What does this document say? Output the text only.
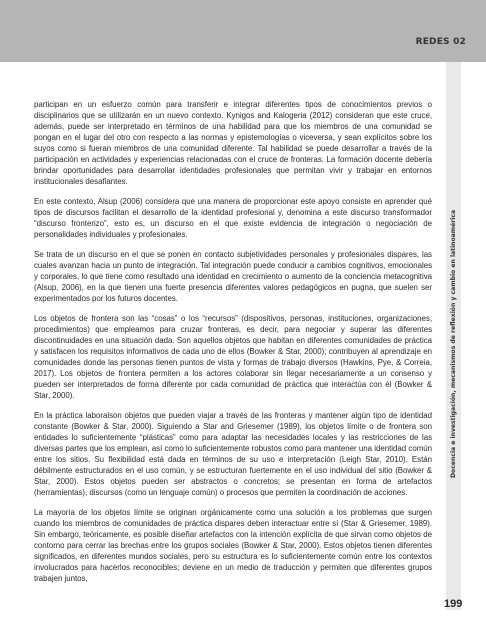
REDES 02
Docencia e investigación, mecanismos de reflexión y cambio en latinoamérica

participan en un esfuerzo común para transferir e integrar diferentes tipos de conocimientos previos o disciplinarios que se utilizarán en un nuevo contexto. Kynigos and Kalogeria (2012) consideran que este cruce, además, puede ser interpretado en términos de una habilidad para que los miembros de una comunidad se pongan en el lugar del otro con respecto a las normas y epistemologías o viceversa, y sean explícitos sobre los suyos como si fueran miembros de una comunidad diferente. Tal habilidad se puede desarrollar a través de la participación en actividades y experiencias relacionadas con el cruce de fronteras. La formación docente debería brindar oportunidades para desarrollar identidades profesionales que permitan vivir y trabajar en entornos institucionales desafiantes.

En este contexto, Alsup (2006) considera que una manera de proporcionar este apoyo consiste en aprender qué tipos de discursos facilitan el desarrollo de la identidad profesional y, denomina a este discurso transformador “discurso fronterizo”, esto es, un discurso en el que existe evidencia de integración o negociación de personalidades individuales y profesionales.

Se trata de un discurso en el que se ponen en contacto subjetividades personales y profesionales dispares, las cuales avanzan hacia un punto de integración. Tal integración puede conducir a cambios cognitivos, emocionales y corporales, lo que tiene como resultado una identidad en crecimiento o aumento de la conciencia metacognitiva (Alsup, 2006), en la que tienen una fuerte presencia diferentes valores pedagógicos en pugna, que suelen ser experimentados por los futuros docentes.

Los objetos de frontera son las “cosas” o los “recursos” (dispositivos, personas, instituciones, organizaciones, procedimientos) que empleamos para cruzar fronteras, es decir, para negociar y superar las diferentes discontinuidades en una situación dada. Son aquellos objetos que habitan en diferentes comunidades de práctica y satisfacen los requisitos informativos de cada uno de ellos (Bowker & Star, 2000); contribuyen al aprendizaje en comunidades donde las personas tienen puntos de vista y formas de trabajo diversos (Hawkins, Pye, & Correia, 2017). Los objetos de frontera permiten a los actores colaborar sin llegar necesariamente a un consenso y pueden ser interpretados de forma diferente por cada comunidad de práctica que interactúa con él (Bowker & Star, 2000).

En la práctica laboralson objetos que pueden viajar a través de las fronteras y mantener algún tipo de identidad constante (Bowker & Star, 2000). Siguiendo a Star and Griesemer (1989), los objetos límite o de frontera son entidades lo suficientemente “plásticas” como para adaptar las necesidades locales y las restricciones de las diversas partes que los emplean, así como lo suficientemente robustos como para mantener una identidad común entre los sitios. Su flexibilidad está dada en términos de su uso e interpretación (Leigh Star, 2010). Están débilmente estructurados en el uso común, y se estructuran fuertemente en el uso individual del sitio (Bowker & Star, 2000). Estos objetos pueden ser abstractos o concretos; se presentan en forma de artefactos (herramientas), discursos (como un lenguaje común) o procesos que permiten la coordinación de acciones.

La mayoría de los objetos límite se originan orgánicamente como una solución a los problemas que surgen cuando los miembros de comunidades de práctica dispares deben interactuar entre sí (Star & Griesemer, 1989). Sin embargo, teóricamente, es posible diseñar artefactos con la intención explícita de que sirvan como objetos de contorno para cerrar las brechas entre los grupos sociales (Bowker & Star, 2000). Estos objetos tienen diferentes significados, en diferentes mundos sociales, pero su estructura es lo suficientemente común entre los contextos involucrados para hacerlos reconocibles; deviene en un medio de traducción y permiten que diferentes grupos trabajen juntos,

199
